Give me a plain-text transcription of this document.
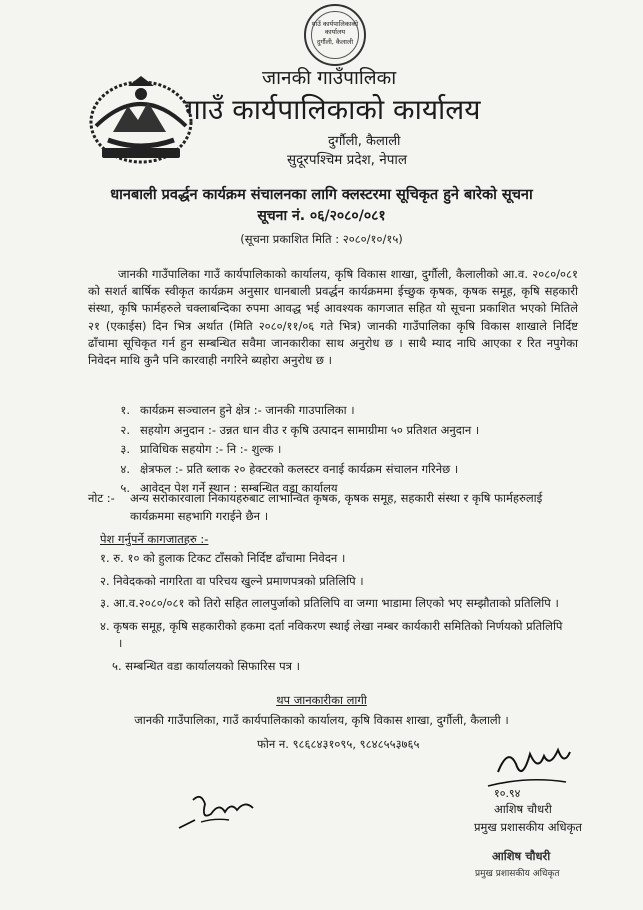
गाउँ कार्यपालिकाको कार्यालय
दुर्गौली, कैलाली
जानकी गाउँपालिका
गाउँ कार्यपालिकाको कार्यालय
दुर्गौली, कैलाली
सुदूरपश्चिम प्रदेश, नेपाल
धानबाली प्रवर्द्धन कार्यक्रम संचालनका लागि क्लस्टरमा सूचिकृत हुने बारेको सूचना
सूचना नं. ०६/२०८०/०८१
(सूचना प्रकाशित मिति : २०८०/१०/१५)
जानकी गाउँपालिका गाउँ कार्यपालिकाको कार्यालय, कृषि विकास शाखा, दुर्गौली, कैलालीको आ.व. २०८०/०८१ को सशर्त बार्षिक स्वीकृत कार्यक्रम अनुसार धानबाली प्रवर्द्धन कार्यक्रममा ईच्छुक कृषक, कृषक समूह, कृषि सहकारी संस्था, कृषि फार्महरुले चक्लाबन्दिका रुपमा आवद्ध भई आवश्यक कागजात सहित यो सूचना प्रकाशित भएको मितिले २१ (एकाईस) दिन भित्र अर्थात (मिति २०८०/११/०६ गते भित्र) जानकी गाउँपालिका कृषि विकास शाखाले निर्दिष्ट ढाँचामा सूचिकृत गर्न हुन सम्बन्धित सवैमा जानकारीका साथ अनुरोध छ । साथै म्याद नाघि आएका र रित नपुगेका निवेदन माथि कुनै पनि कारवाही नगरिने ब्यहोरा अनुरोध छ ।
१. कार्यक्रम सञ्चालन हुने क्षेत्र :- जानकी गाउपालिका ।
२. सहयोग अनुदान :- उन्नत धान वीउ र कृषि उत्पादन सामाग्रीमा ५० प्रतिशत अनुदान ।
३. प्राविधिक सहयोग :- नि :- शुल्क ।
४. क्षेत्रफल :- प्रति ब्लाक २० हेक्टरको कलस्टर वनाई कार्यक्रम संचालन गरिनेछ ।
५. आवेदन पेश गर्ने स्थान : सम्बन्धित वडा कार्यालय
नोट :- अन्य सरोकारवाला निकायहरुबाट लाभान्वित कृषक, कृषक समूह, सहकारी संस्था र कृषि फार्महरुलाई कार्यक्रममा सहभागि गराईने छैन ।
पेश गर्नुपर्ने कागजातहरु :-
१. रु. १० को हुलाक टिकट टाँसको निर्दिष्ट ढाँचामा निवेदन ।
२. निवेदकको नागरिता वा परिचय खुल्ने प्रमाणपत्रको प्रतिलिपि ।
३. आ.व.२०८०/०८१ को तिरो सहित लालपुर्जाको प्रतिलिपि वा जग्गा भाडामा लिएको भए सम्झौताको प्रतिलिपि ।
४. कृषक समूह, कृषि सहकारीको हकमा दर्ता नविकरण स्थाई लेखा नम्बर कार्यकारी समितिको निर्णयको प्रतिलिपि ।
५. सम्बन्धित वडा कार्यालयको सिफारिस पत्र ।
थप जानकारीका लागी
जानकी गाउँपालिका, गाउँ कार्यपालिकाको कार्यालय, कृषि विकास शाखा, दुर्गौली, कैलाली ।
फोन न. ९८६८४३१०९५, ९८४८५५३७६५
१०.९४
आशिष चौधरी
प्रमुख प्रशासकीय अधिकृत
आशिष चौधरी
प्रमुख प्रशासकीय अधिकृत
